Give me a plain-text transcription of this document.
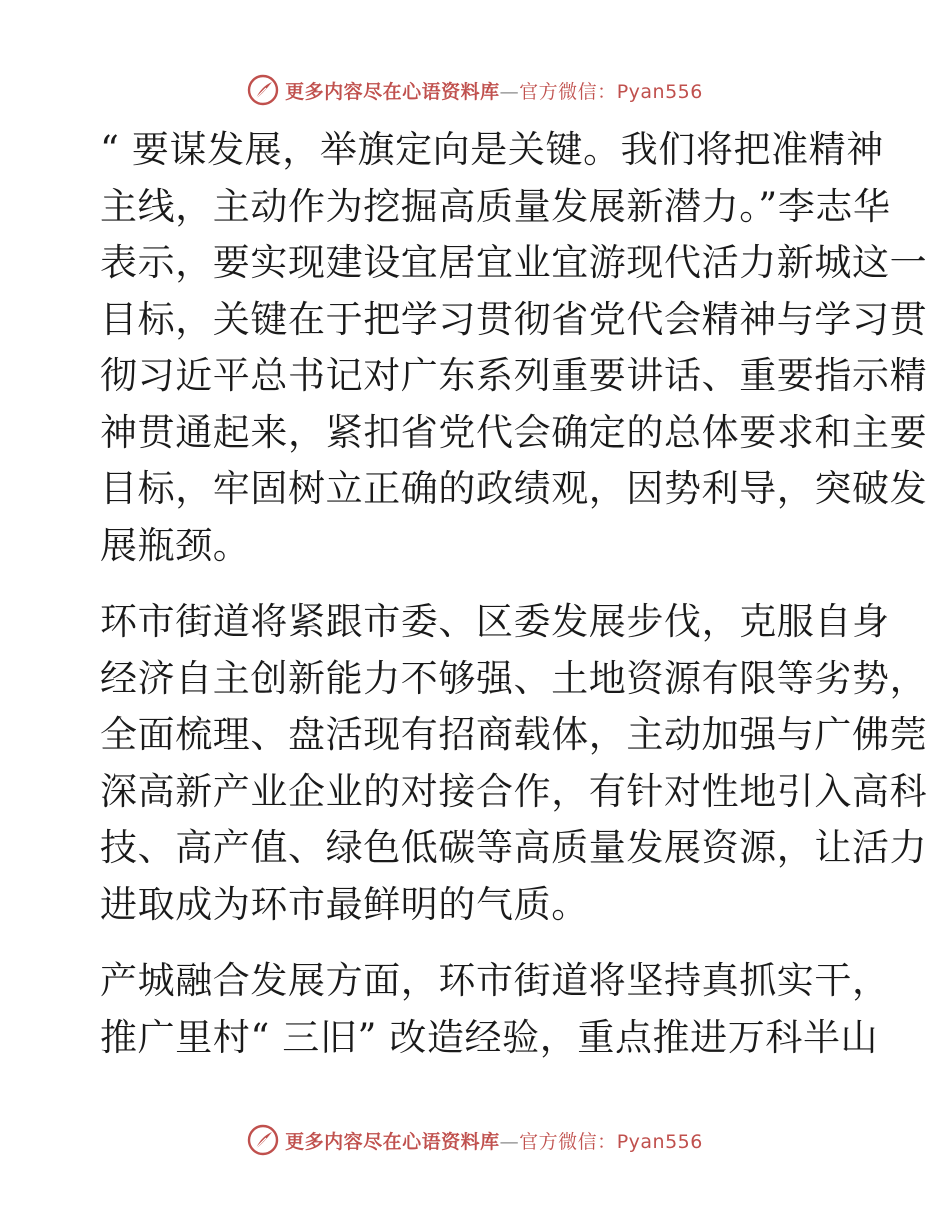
更多内容尽在心语资料库—官方微信：Pyan556

“ 要谋发展，举旗定向是关键。我们将把准精神
主线，主动作为挖掘高质量发展新潜力。”李志华
表示，要实现建设宜居宜业宜游现代活力新城这一
目标，关键在于把学习贯彻省党代会精神与学习贯
彻习近平总书记对广东系列重要讲话、重要指示精
神贯通起来，紧扣省党代会确定的总体要求和主要
目标，牢固树立正确的政绩观，因势利导，突破发
展瓶颈。

环市街道将紧跟市委、区委发展步伐，克服自身
经济自主创新能力不够强、土地资源有限等劣势，
全面梳理、盘活现有招商载体，主动加强与广佛莞
深高新产业企业的对接合作，有针对性地引入高科
技、高产值、绿色低碳等高质量发展资源，让活力
进取成为环市最鲜明的气质。

产城融合发展方面，环市街道将坚持真抓实干，
推广里村“ 三旧” 改造经验，重点推进万科半山

更多内容尽在心语资料库—官方微信：Pyan556
